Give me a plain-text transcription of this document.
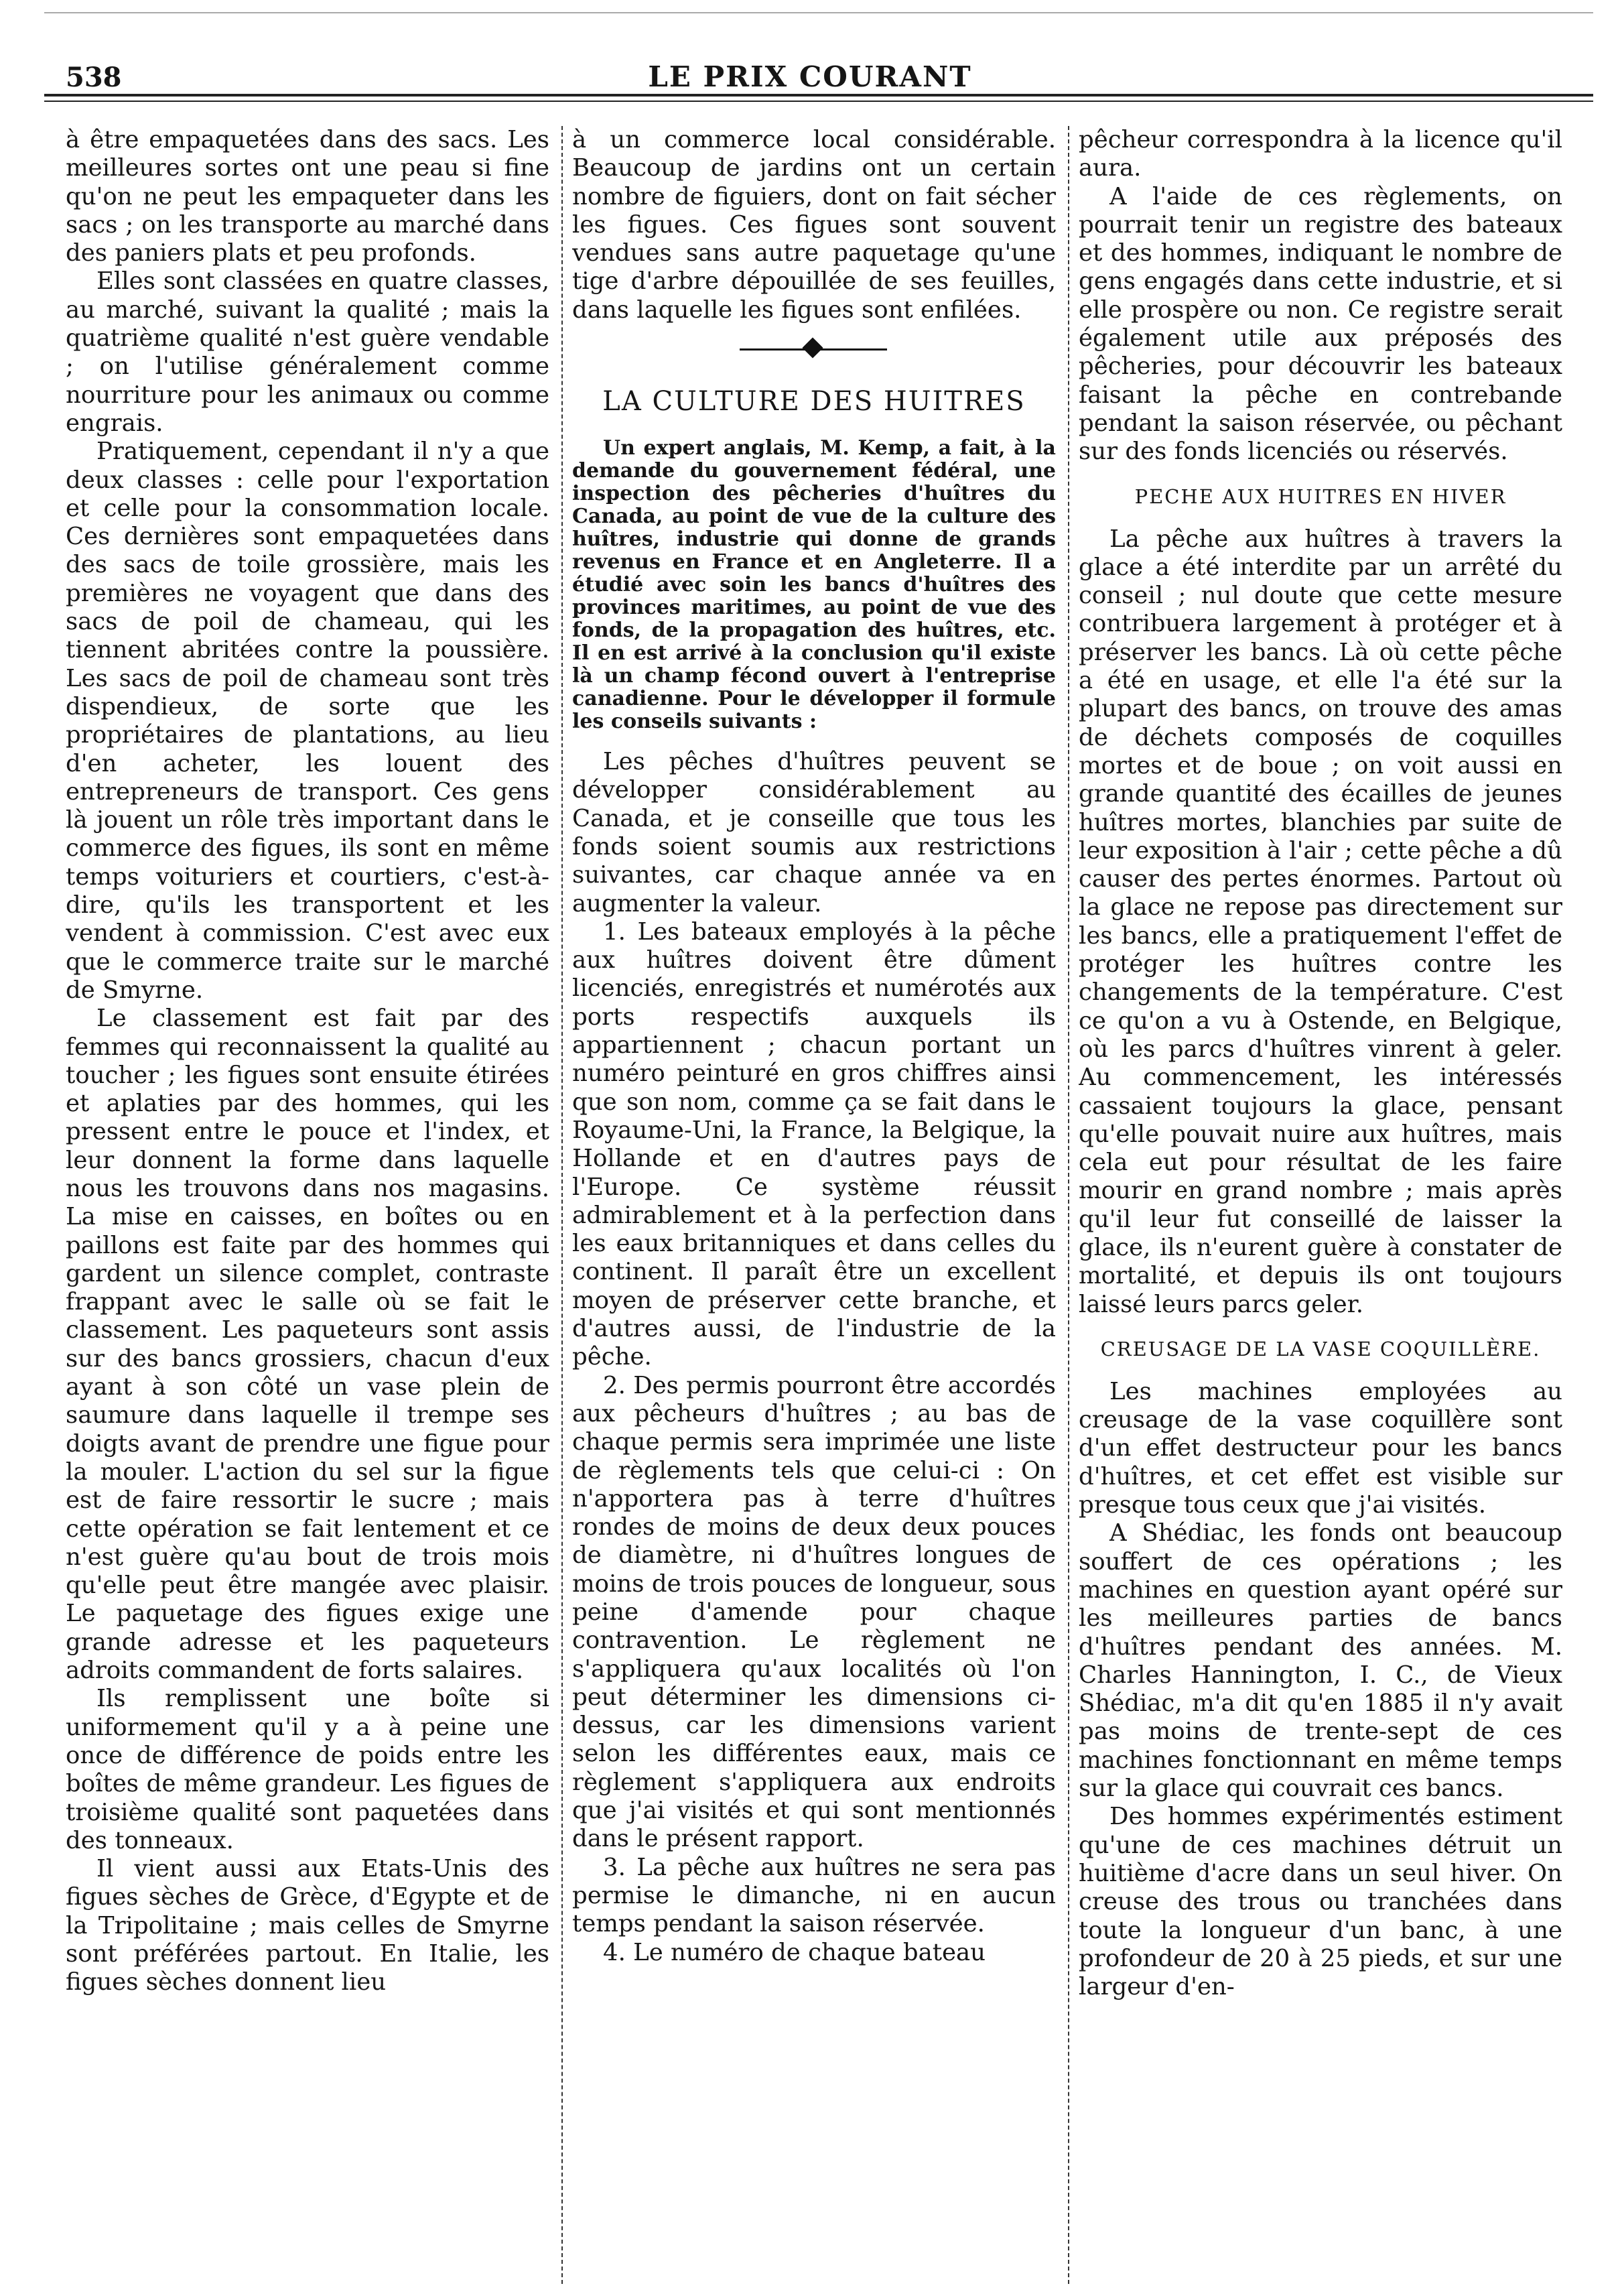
538	LE PRIX COURANT

à être empaquetées dans des sacs. Les meilleures sortes ont une peau si fine qu'on ne peut les empaqueter dans les sacs ; on les transporte au marché dans des paniers plats et peu profonds.

Elles sont classées en quatre classes, au marché, suivant la qualité ; mais la quatrième qualité n'est guère vendable ; on l'utilise généralement comme nourriture pour les animaux ou comme engrais.

Pratiquement, cependant il n'y a que deux classes : celle pour l'exportation et celle pour la consommation locale. Ces dernières sont empaquetées dans des sacs de toile grossière, mais les premières ne voyagent que dans des sacs de poil de chameau, qui les tiennent abritées contre la poussière. Les sacs de poil de chameau sont très dispendieux, de sorte que les propriétaires de plantations, au lieu d'en acheter, les louent des entrepreneurs de transport. Ces gens là jouent un rôle très important dans le commerce des figues, ils sont en même temps voituriers et courtiers, c'est-à-dire, qu'ils les transportent et les vendent à commission. C'est avec eux que le commerce traite sur le marché de Smyrne.

Le classement est fait par des femmes qui reconnaissent la qualité au toucher ; les figues sont ensuite étirées et aplaties par des hommes, qui les pressent entre le pouce et l'index, et leur donnent la forme dans laquelle nous les trouvons dans nos magasins. La mise en caisses, en boîtes ou en paillons est faite par des hommes qui gardent un silence complet, contraste frappant avec le salle où se fait le classement. Les paqueteurs sont assis sur des bancs grossiers, chacun d'eux ayant à son côté un vase plein de saumure dans laquelle il trempe ses doigts avant de prendre une figue pour la mouler. L'action du sel sur la figue est de faire ressortir le sucre ; mais cette opération se fait lentement et ce n'est guère qu'au bout de trois mois qu'elle peut être mangée avec plaisir. Le paquetage des figues exige une grande adresse et les paqueteurs adroits commandent de forts salaires.

Ils remplissent une boîte si uniformement qu'il y a à peine une once de différence de poids entre les boîtes de même grandeur. Les figues de troisième qualité sont paquetées dans des tonneaux.

Il vient aussi aux Etats-Unis des figues sèches de Grèce, d'Egypte et de la Tripolitaine ; mais celles de Smyrne sont préférées partout. En Italie, les figues sèches donnent lieu

à un commerce local considérable. Beaucoup de jardins ont un certain nombre de figuiers, dont on fait sécher les figues. Ces figues sont souvent vendues sans autre paquetage qu'une tige d'arbre dépouillée de ses feuilles, dans laquelle les figues sont enfilées.

LA CULTURE DES HUITRES

Un expert anglais, M. Kemp, a fait, à la demande du gouvernement fédéral, une inspection des pêcheries d'huîtres du Canada, au point de vue de la culture des huîtres, industrie qui donne de grands revenus en France et en Angleterre. Il a étudié avec soin les bancs d'huîtres des provinces maritimes, au point de vue des fonds, de la propagation des huîtres, etc. Il en est arrivé à la conclusion qu'il existe là un champ fécond ouvert à l'entreprise canadienne. Pour le développer il formule les conseils suivants :

Les pêches d'huîtres peuvent se développer considérablement au Canada, et je conseille que tous les fonds soient soumis aux restrictions suivantes, car chaque année va en augmenter la valeur.

1. Les bateaux employés à la pêche aux huîtres doivent être dûment licenciés, enregistrés et numérotés aux ports respectifs auxquels ils appartiennent ; chacun portant un numéro peinturé en gros chiffres ainsi que son nom, comme ça se fait dans le Royaume-Uni, la France, la Belgique, la Hollande et en d'autres pays de l'Europe. Ce système réussit admirablement et à la perfection dans les eaux britanniques et dans celles du continent. Il paraît être un excellent moyen de préserver cette branche, et d'autres aussi, de l'industrie de la pêche.

2. Des permis pourront être accordés aux pêcheurs d'huîtres ; au bas de chaque permis sera imprimée une liste de règlements tels que celui-ci : On n'apportera pas à terre d'huîtres rondes de moins de deux deux pouces de diamètre, ni d'huîtres longues de moins de trois pouces de longueur, sous peine d'amende pour chaque contravention. Le règlement ne s'appliquera qu'aux localités où l'on peut déterminer les dimensions ci-dessus, car les dimensions varient selon les différentes eaux, mais ce règlement s'appliquera aux endroits que j'ai visités et qui sont mentionnés dans le présent rapport.

3. La pêche aux huîtres ne sera pas permise le dimanche, ni en aucun temps pendant la saison réservée.

4. Le numéro de chaque bateau

pêcheur correspondra à la licence qu'il aura.

A l'aide de ces règlements, on pourrait tenir un registre des bateaux et des hommes, indiquant le nombre de gens engagés dans cette industrie, et si elle prospère ou non. Ce registre serait également utile aux préposés des pêcheries, pour découvrir les bateaux faisant la pêche en contrebande pendant la saison réservée, ou pêchant sur des fonds licenciés ou réservés.

PECHE AUX HUITRES EN HIVER

La pêche aux huîtres à travers la glace a été interdite par un arrêté du conseil ; nul doute que cette mesure contribuera largement à protéger et à préserver les bancs. Là où cette pêche a été en usage, et elle l'a été sur la plupart des bancs, on trouve des amas de déchets composés de coquilles mortes et de boue ; on voit aussi en grande quantité des écailles de jeunes huîtres mortes, blanchies par suite de leur exposition à l'air ; cette pêche a dû causer des pertes énormes. Partout où la glace ne repose pas directement sur les bancs, elle a pratiquement l'effet de protéger les huîtres contre les changements de la température. C'est ce qu'on a vu à Ostende, en Belgique, où les parcs d'huîtres vinrent à geler. Au commencement, les intéressés cassaient toujours la glace, pensant qu'elle pouvait nuire aux huîtres, mais cela eut pour résultat de les faire mourir en grand nombre ; mais après qu'il leur fut conseillé de laisser la glace, ils n'eurent guère à constater de mortalité, et depuis ils ont toujours laissé leurs parcs geler.

CREUSAGE DE LA VASE COQUILLÈRE.

Les machines employées au creusage de la vase coquillère sont d'un effet destructeur pour les bancs d'huîtres, et cet effet est visible sur presque tous ceux que j'ai visités.

A Shédiac, les fonds ont beaucoup souffert de ces opérations ; les machines en question ayant opéré sur les meilleures parties de bancs d'huîtres pendant des années. M. Charles Hannington, I. C., de Vieux Shédiac, m'a dit qu'en 1885 il n'y avait pas moins de trente-sept de ces machines fonctionnant en même temps sur la glace qui couvrait ces bancs.

Des hommes expérimentés estiment qu'une de ces machines détruit un huitième d'acre dans un seul hiver. On creuse des trous ou tranchées dans toute la longueur d'un banc, à une profondeur de 20 à 25 pieds, et sur une largeur d'en-
